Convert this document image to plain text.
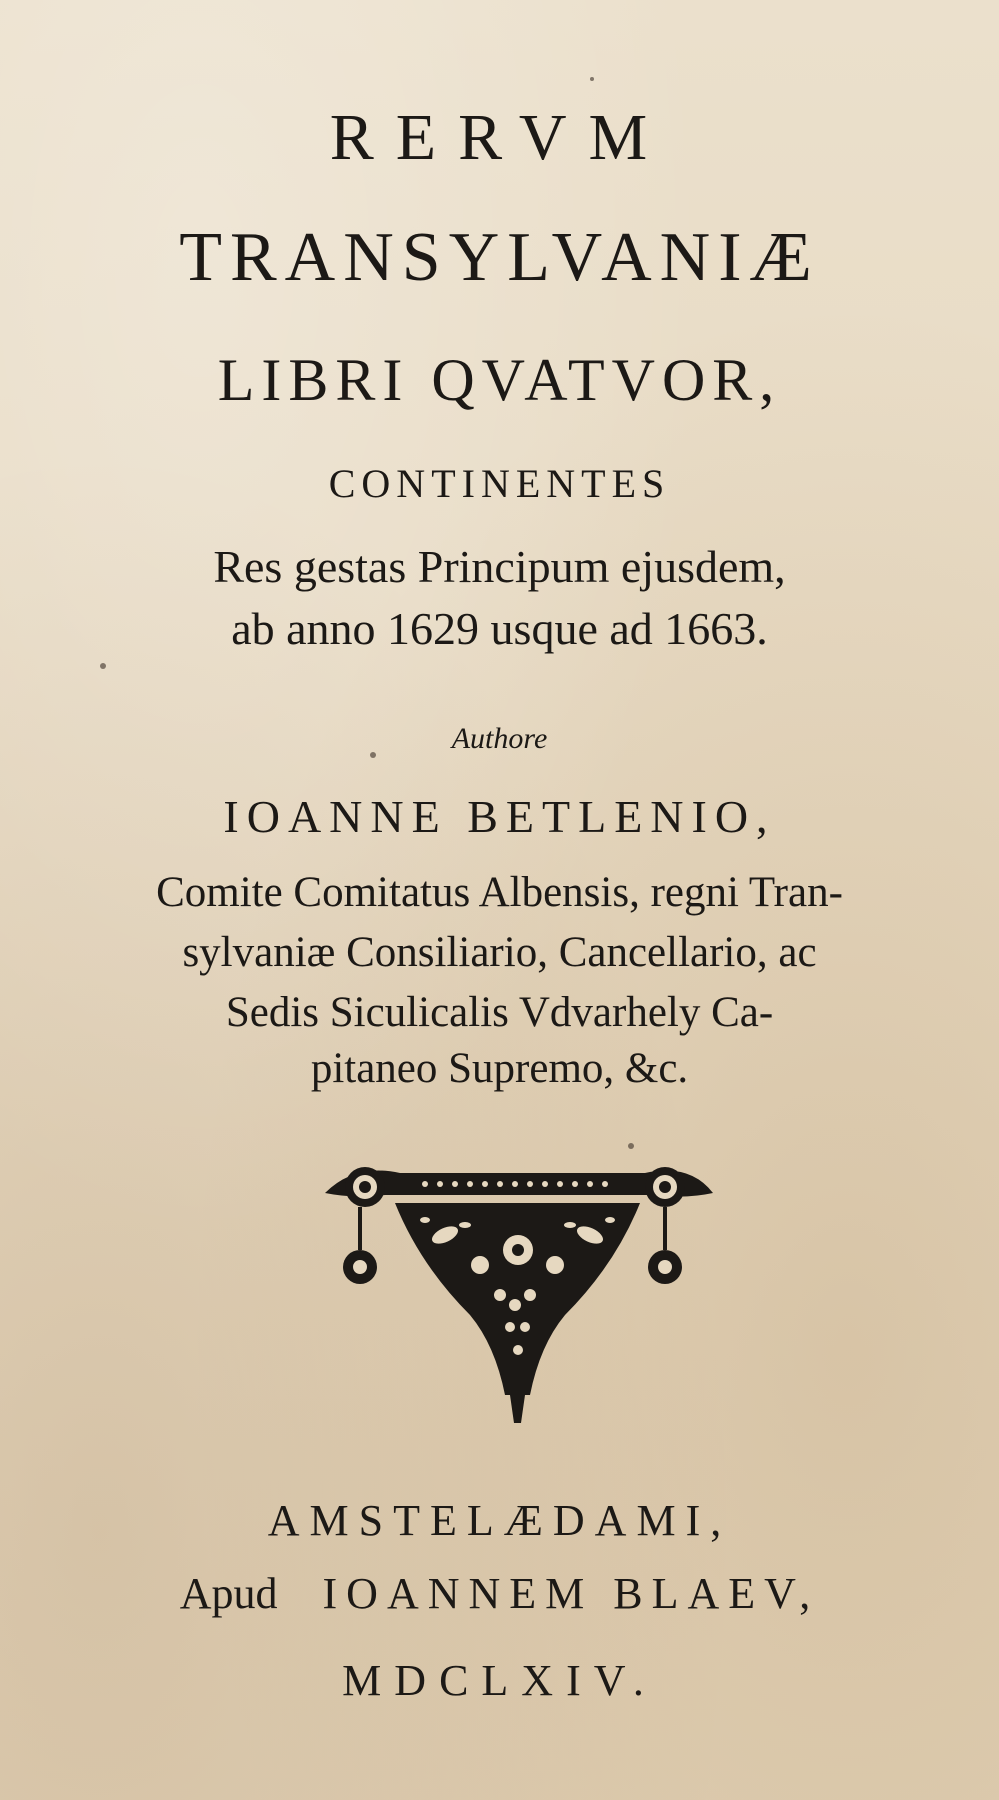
RERVM
TRANSYLVANIÆ
LIBRI QVATVOR,
CONTINENTES
Res gestas Principum ejusdem,
ab anno 1629 usque ad 1663.
Authore
IOANNE BETLENIO,
Comite Comitatus Albensis, regni Tran-
sylvaniæ Consiliario, Cancellario, ac
Sedis Siculicalis Vdvarhely Ca-
pitaneo Supremo, &c.
AMSTELÆDAMI,
Apud IOANNEM BLAEV,
MDCLXIV.
